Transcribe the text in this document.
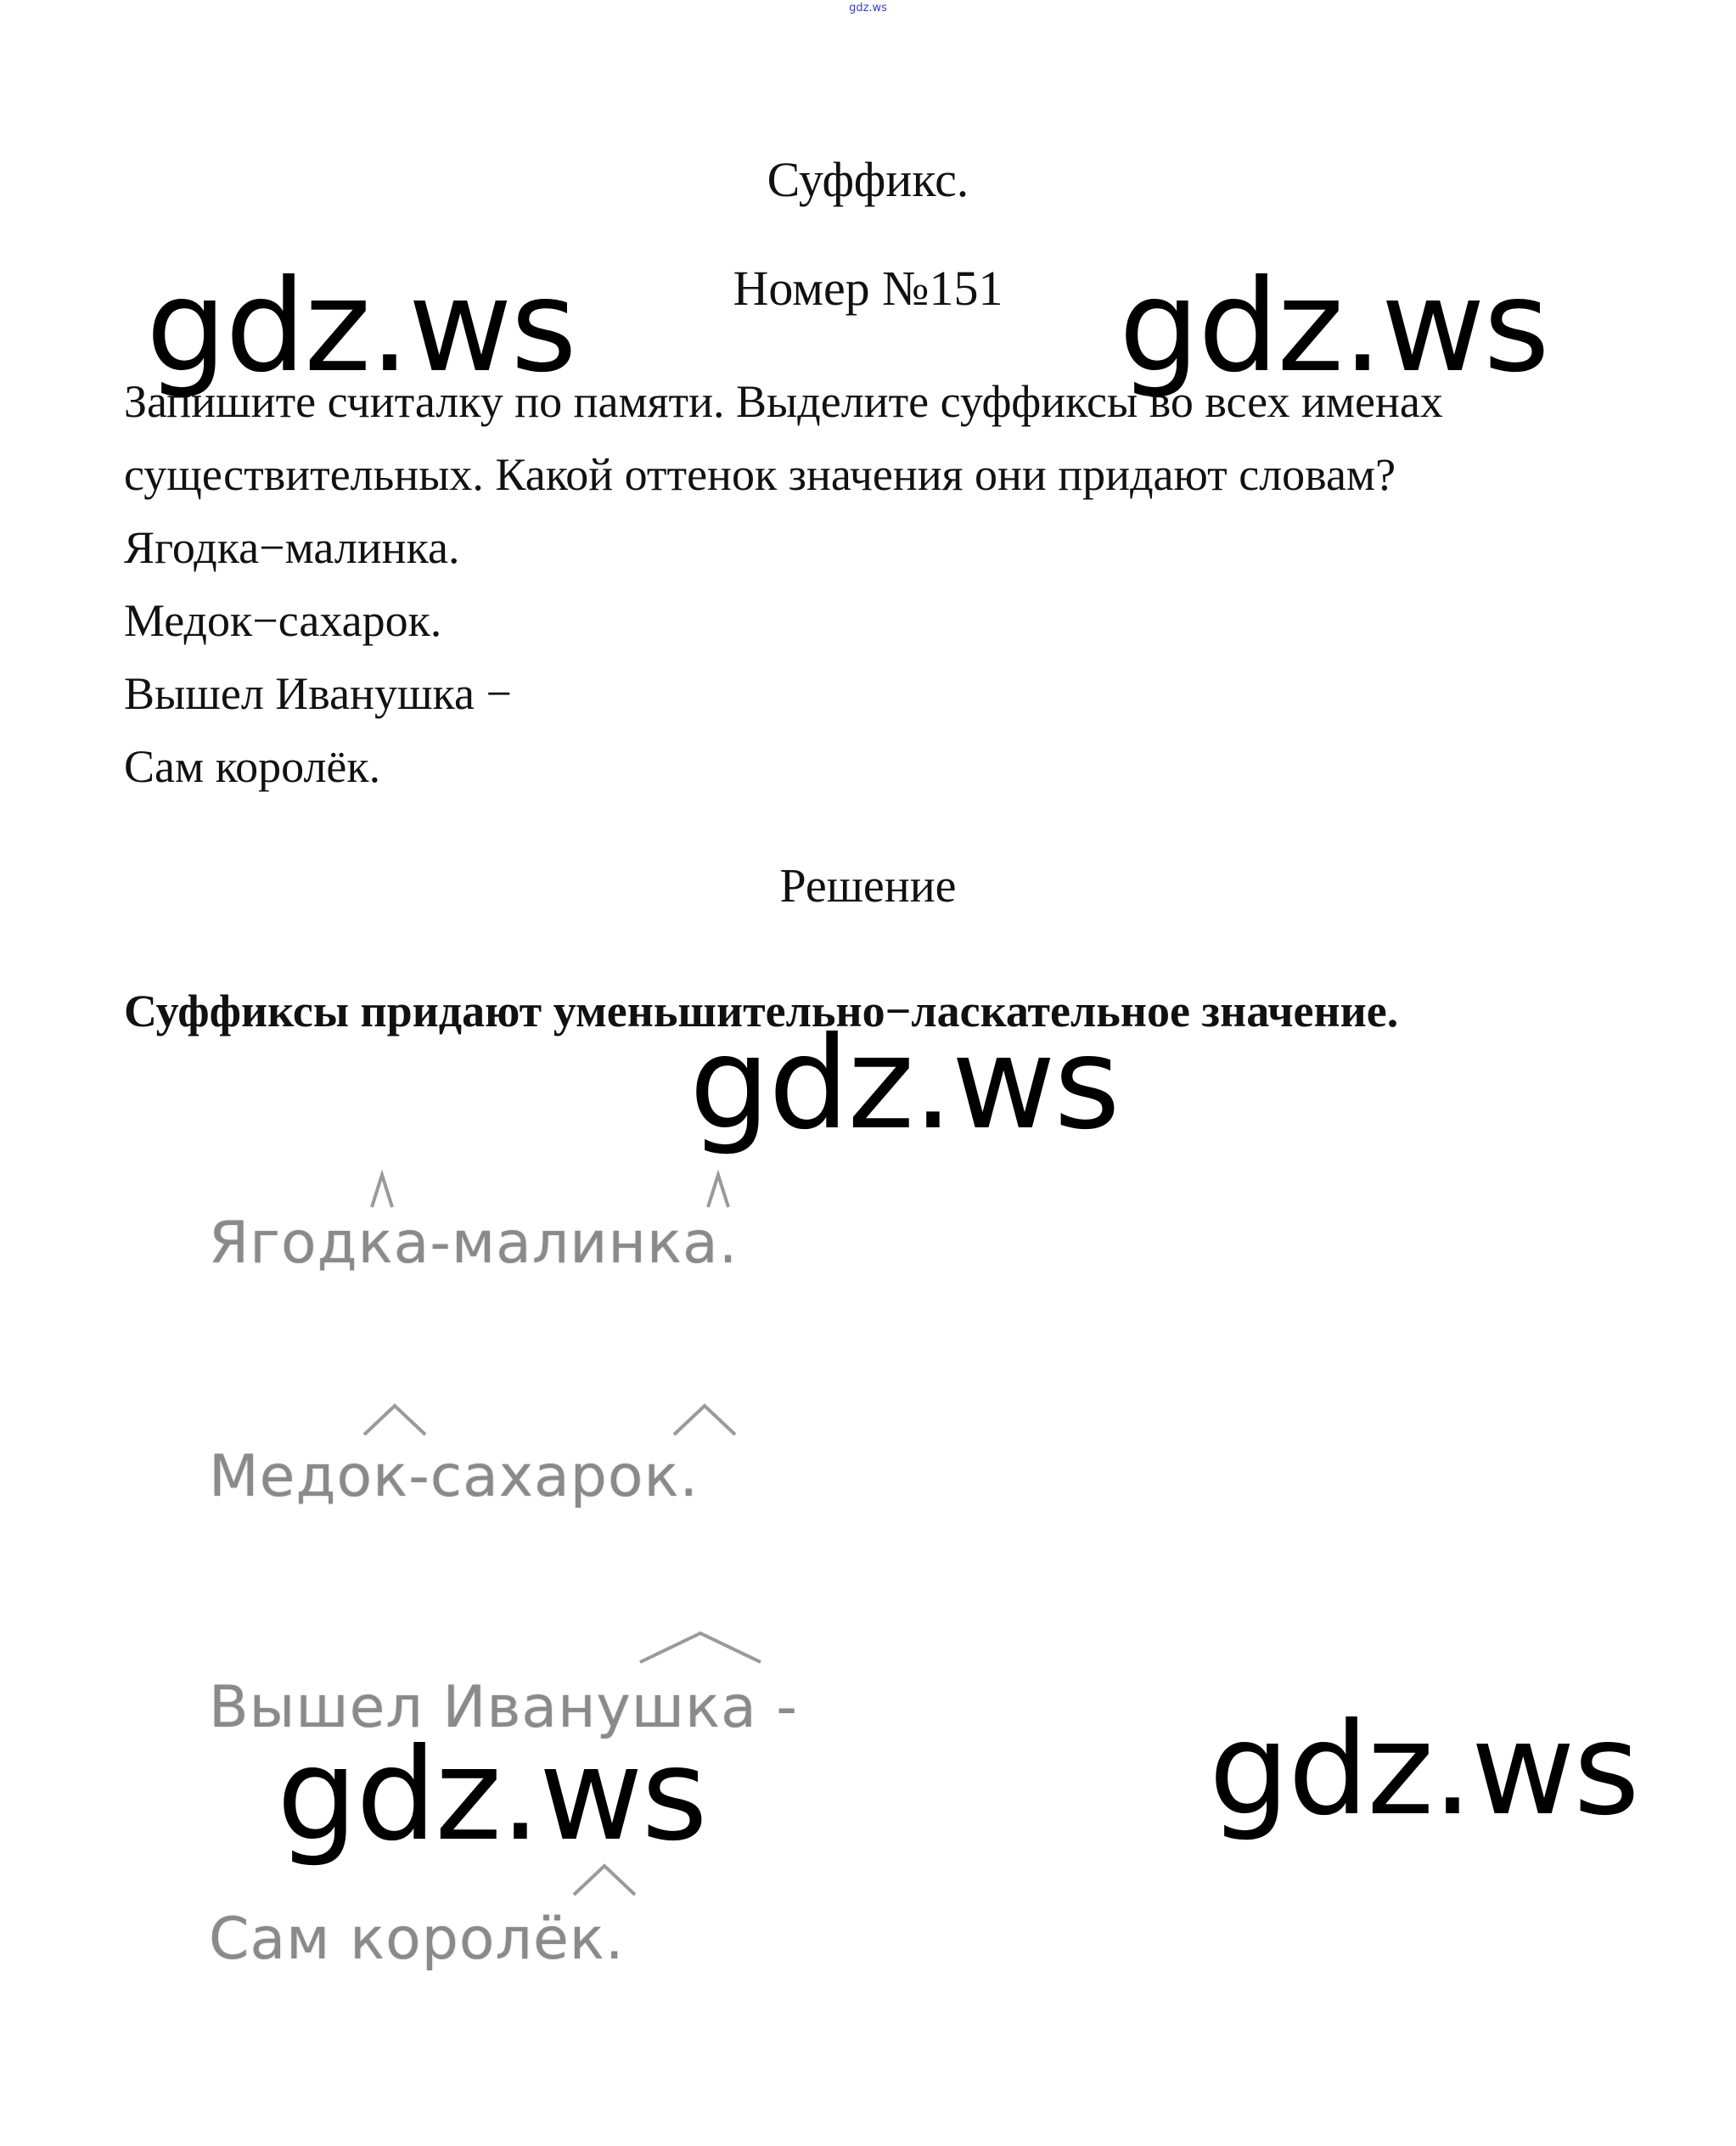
gdz.ws
Суффикс.
Номер №151
Запишите считалку по памяти. Выделите суффиксы во всех именах
существительных. Какой оттенок значения они придают словам?
Ягодка−малинка.
Медок−сахарок.
Вышел Иванушка −
Сам королёк.
Решение
Суффиксы придают уменьшительно−ласкательное значение.
Ягодка-малинка.
Медок-сахарок.
Вышел Иванушка -
Сам королёк.
gdz.ws	gdz.ws
gdz.ws
gdz.ws	gdz.ws
